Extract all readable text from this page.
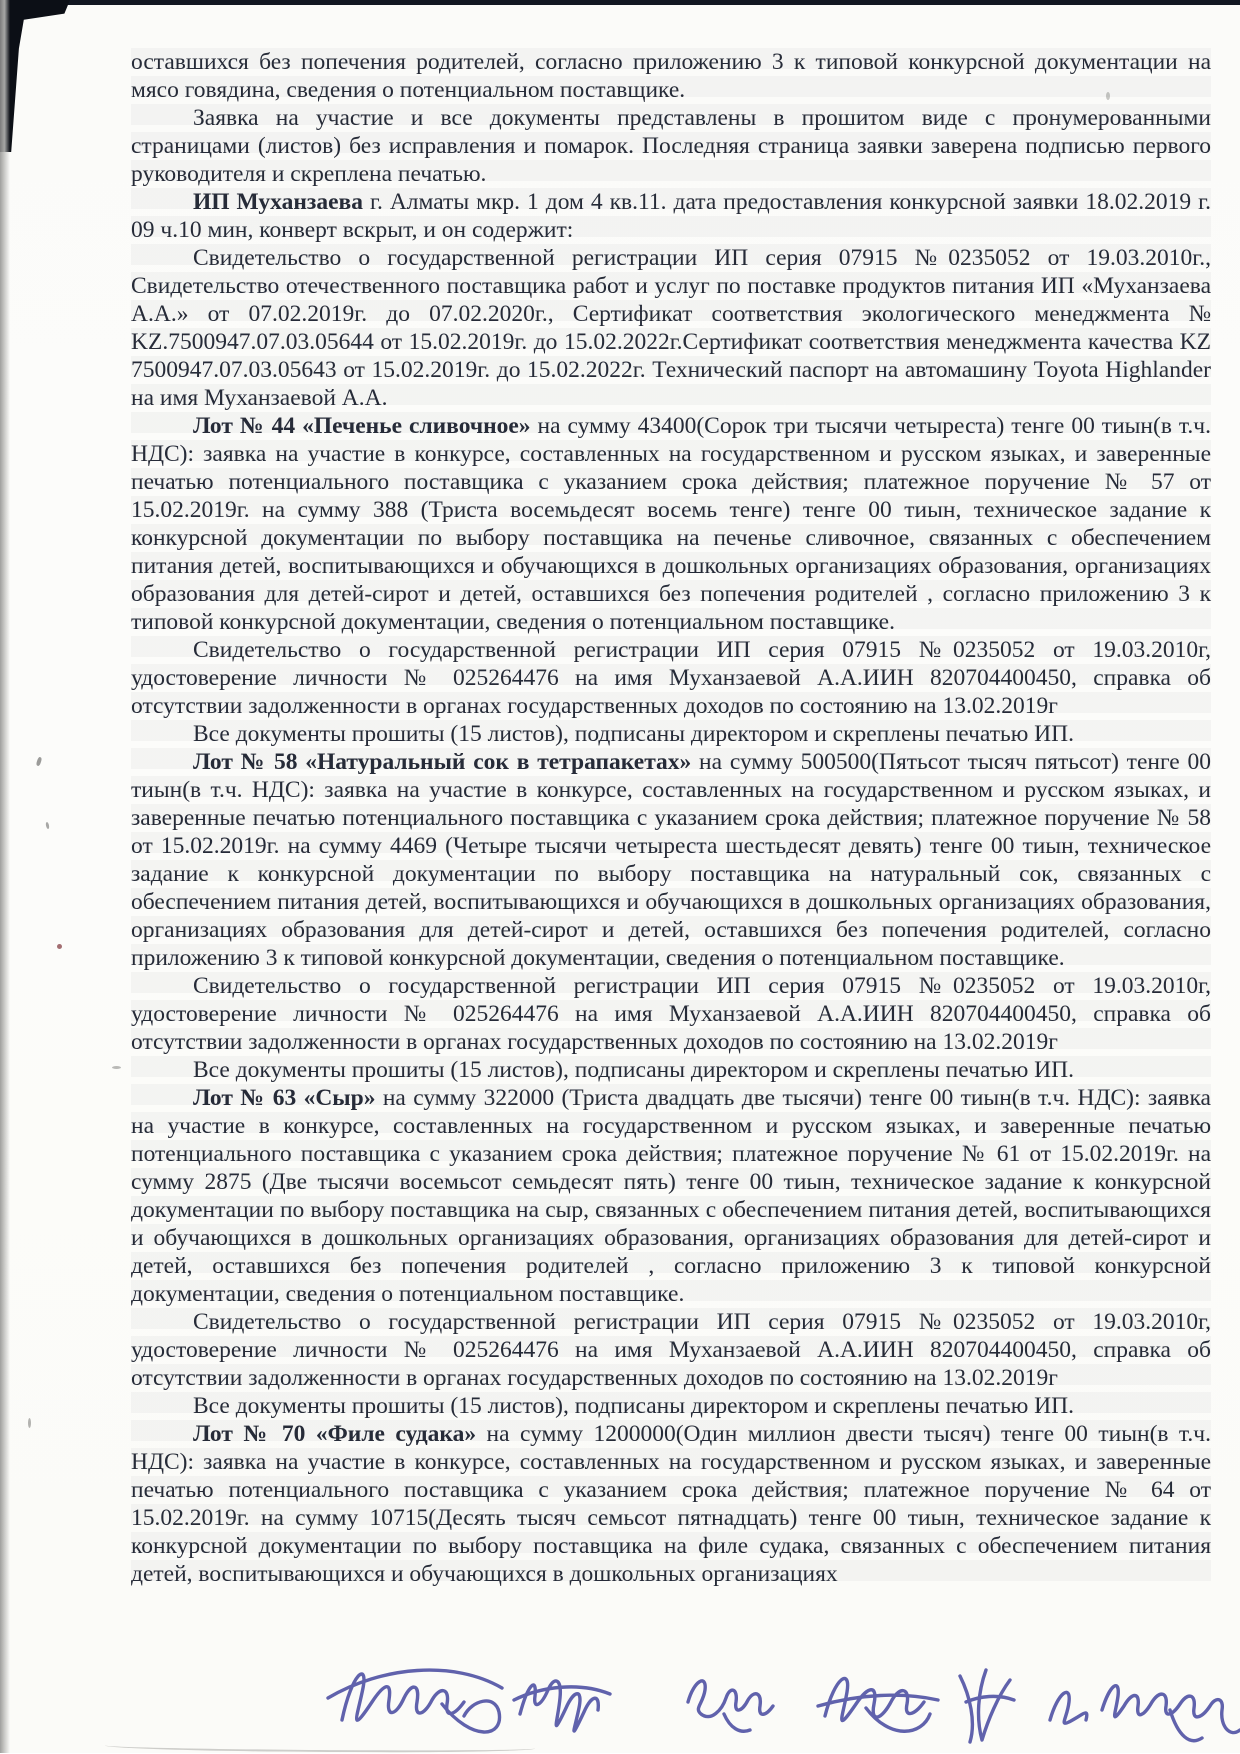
оставшихся без попечения родителей, согласно приложению 3 к типовой конкурсной документации на мясо говядина, сведения о потенциальном поставщике.

Заявка на участие и все документы представлены в прошитом виде с пронумерованными страницами (листов) без исправления и помарок. Последняя страница заявки заверена подписью первого руководителя и скреплена печатью.

ИП Муханзаева г. Алматы мкр. 1 дом 4 кв.11. дата предоставления конкурсной заявки 18.02.2019 г. 09 ч.10 мин, конверт вскрыт, и он содержит:

Свидетельство о государственной регистрации ИП серия 07915 №0235052 от 19.03.2010г., Свидетельство отечественного поставщика работ и услуг по поставке продуктов питания ИП «Муханзаева А.А.» от 07.02.2019г. до 07.02.2020г., Сертификат соответствия экологического менеджмента № KZ.7500947.07.03.05644 от 15.02.2019г. до 15.02.2022г.Сертификат соответствия менеджмента качества KZ 7500947.07.03.05643 от 15.02.2019г. до 15.02.2022г. Технический паспорт на автомашину Toyota Highlander на имя Муханзаевой А.А.

Лот № 44 «Печенье сливочное» на сумму 43400(Сорок три тысячи четыреста) тенге 00 тиын(в т.ч. НДС): заявка на участие в конкурсе, составленных на государственном и русском языках, и заверенные печатью потенциального поставщика с указанием срока действия; платежное поручение № 57 от 15.02.2019г. на сумму 388 (Триста восемьдесят восемь тенге) тенге 00 тиын, техническое задание к конкурсной документации по выбору поставщика на печенье сливочное, связанных с обеспечением питания детей, воспитывающихся и обучающихся в дошкольных организациях образования, организациях образования для детей-сирот и детей, оставшихся без попечения родителей , согласно приложению 3 к типовой конкурсной документации, сведения о потенциальном поставщике.

Свидетельство о государственной регистрации ИП серия 07915 №0235052 от 19.03.2010г, удостоверение личности № 025264476 на имя Муханзаевой А.А.ИИН 820704400450, справка об отсутствии задолженности в органах государственных доходов по состоянию на 13.02.2019г

Все документы прошиты (15 листов), подписаны директором и скреплены печатью ИП.

Лот № 58 «Натуральный сок в тетрапакетах» на сумму 500500(Пятьсот тысяч пятьсот) тенге 00 тиын(в т.ч. НДС): заявка на участие в конкурсе, составленных на государственном и русском языках, и заверенные печатью потенциального поставщика с указанием срока действия; платежное поручение № 58 от 15.02.2019г. на сумму 4469 (Четыре тысячи четыреста шестьдесят девять) тенге 00 тиын, техническое задание к конкурсной документации по выбору поставщика на натуральный сок, связанных с обеспечением питания детей, воспитывающихся и обучающихся в дошкольных организациях образования, организациях образования для детей-сирот и детей, оставшихся без попечения родителей, согласно приложению 3 к типовой конкурсной документации, сведения о потенциальном поставщике.

Свидетельство о государственной регистрации ИП серия 07915 №0235052 от 19.03.2010г, удостоверение личности № 025264476 на имя Муханзаевой А.А.ИИН 820704400450, справка об отсутствии задолженности в органах государственных доходов по состоянию на 13.02.2019г

Все документы прошиты (15 листов), подписаны директором и скреплены печатью ИП.

Лот № 63 «Сыр» на сумму 322000 (Триста двадцать две тысячи) тенге 00 тиын(в т.ч. НДС): заявка на участие в конкурсе, составленных на государственном и русском языках, и заверенные печатью потенциального поставщика с указанием срока действия; платежное поручение № 61 от 15.02.2019г. на сумму 2875 (Две тысячи восемьсот семьдесят пять) тенге 00 тиын, техническое задание к конкурсной документации по выбору поставщика на сыр, связанных с обеспечением питания детей, воспитывающихся и обучающихся в дошкольных организациях образования, организациях образования для детей-сирот и детей, оставшихся без попечения родителей , согласно приложению 3 к типовой конкурсной документации, сведения о потенциальном поставщике.

Свидетельство о государственной регистрации ИП серия 07915 №0235052 от 19.03.2010г, удостоверение личности № 025264476 на имя Муханзаевой А.А.ИИН 820704400450, справка об отсутствии задолженности в органах государственных доходов по состоянию на 13.02.2019г

Все документы прошиты (15 листов), подписаны директором и скреплены печатью ИП.

Лот № 70 «Филе судака» на сумму 1200000(Один миллион двести тысяч) тенге 00 тиын(в т.ч. НДС): заявка на участие в конкурсе, составленных на государственном и русском языках, и заверенные печатью потенциального поставщика с указанием срока действия; платежное поручение № 64 от 15.02.2019г. на сумму 10715(Десять тысяч семьсот пятнадцать) тенге 00 тиын, техническое задание к конкурсной документации по выбору поставщика на филе судака, связанных с обеспечением питания детей, воспитывающихся и обучающихся в дошкольных организациях
